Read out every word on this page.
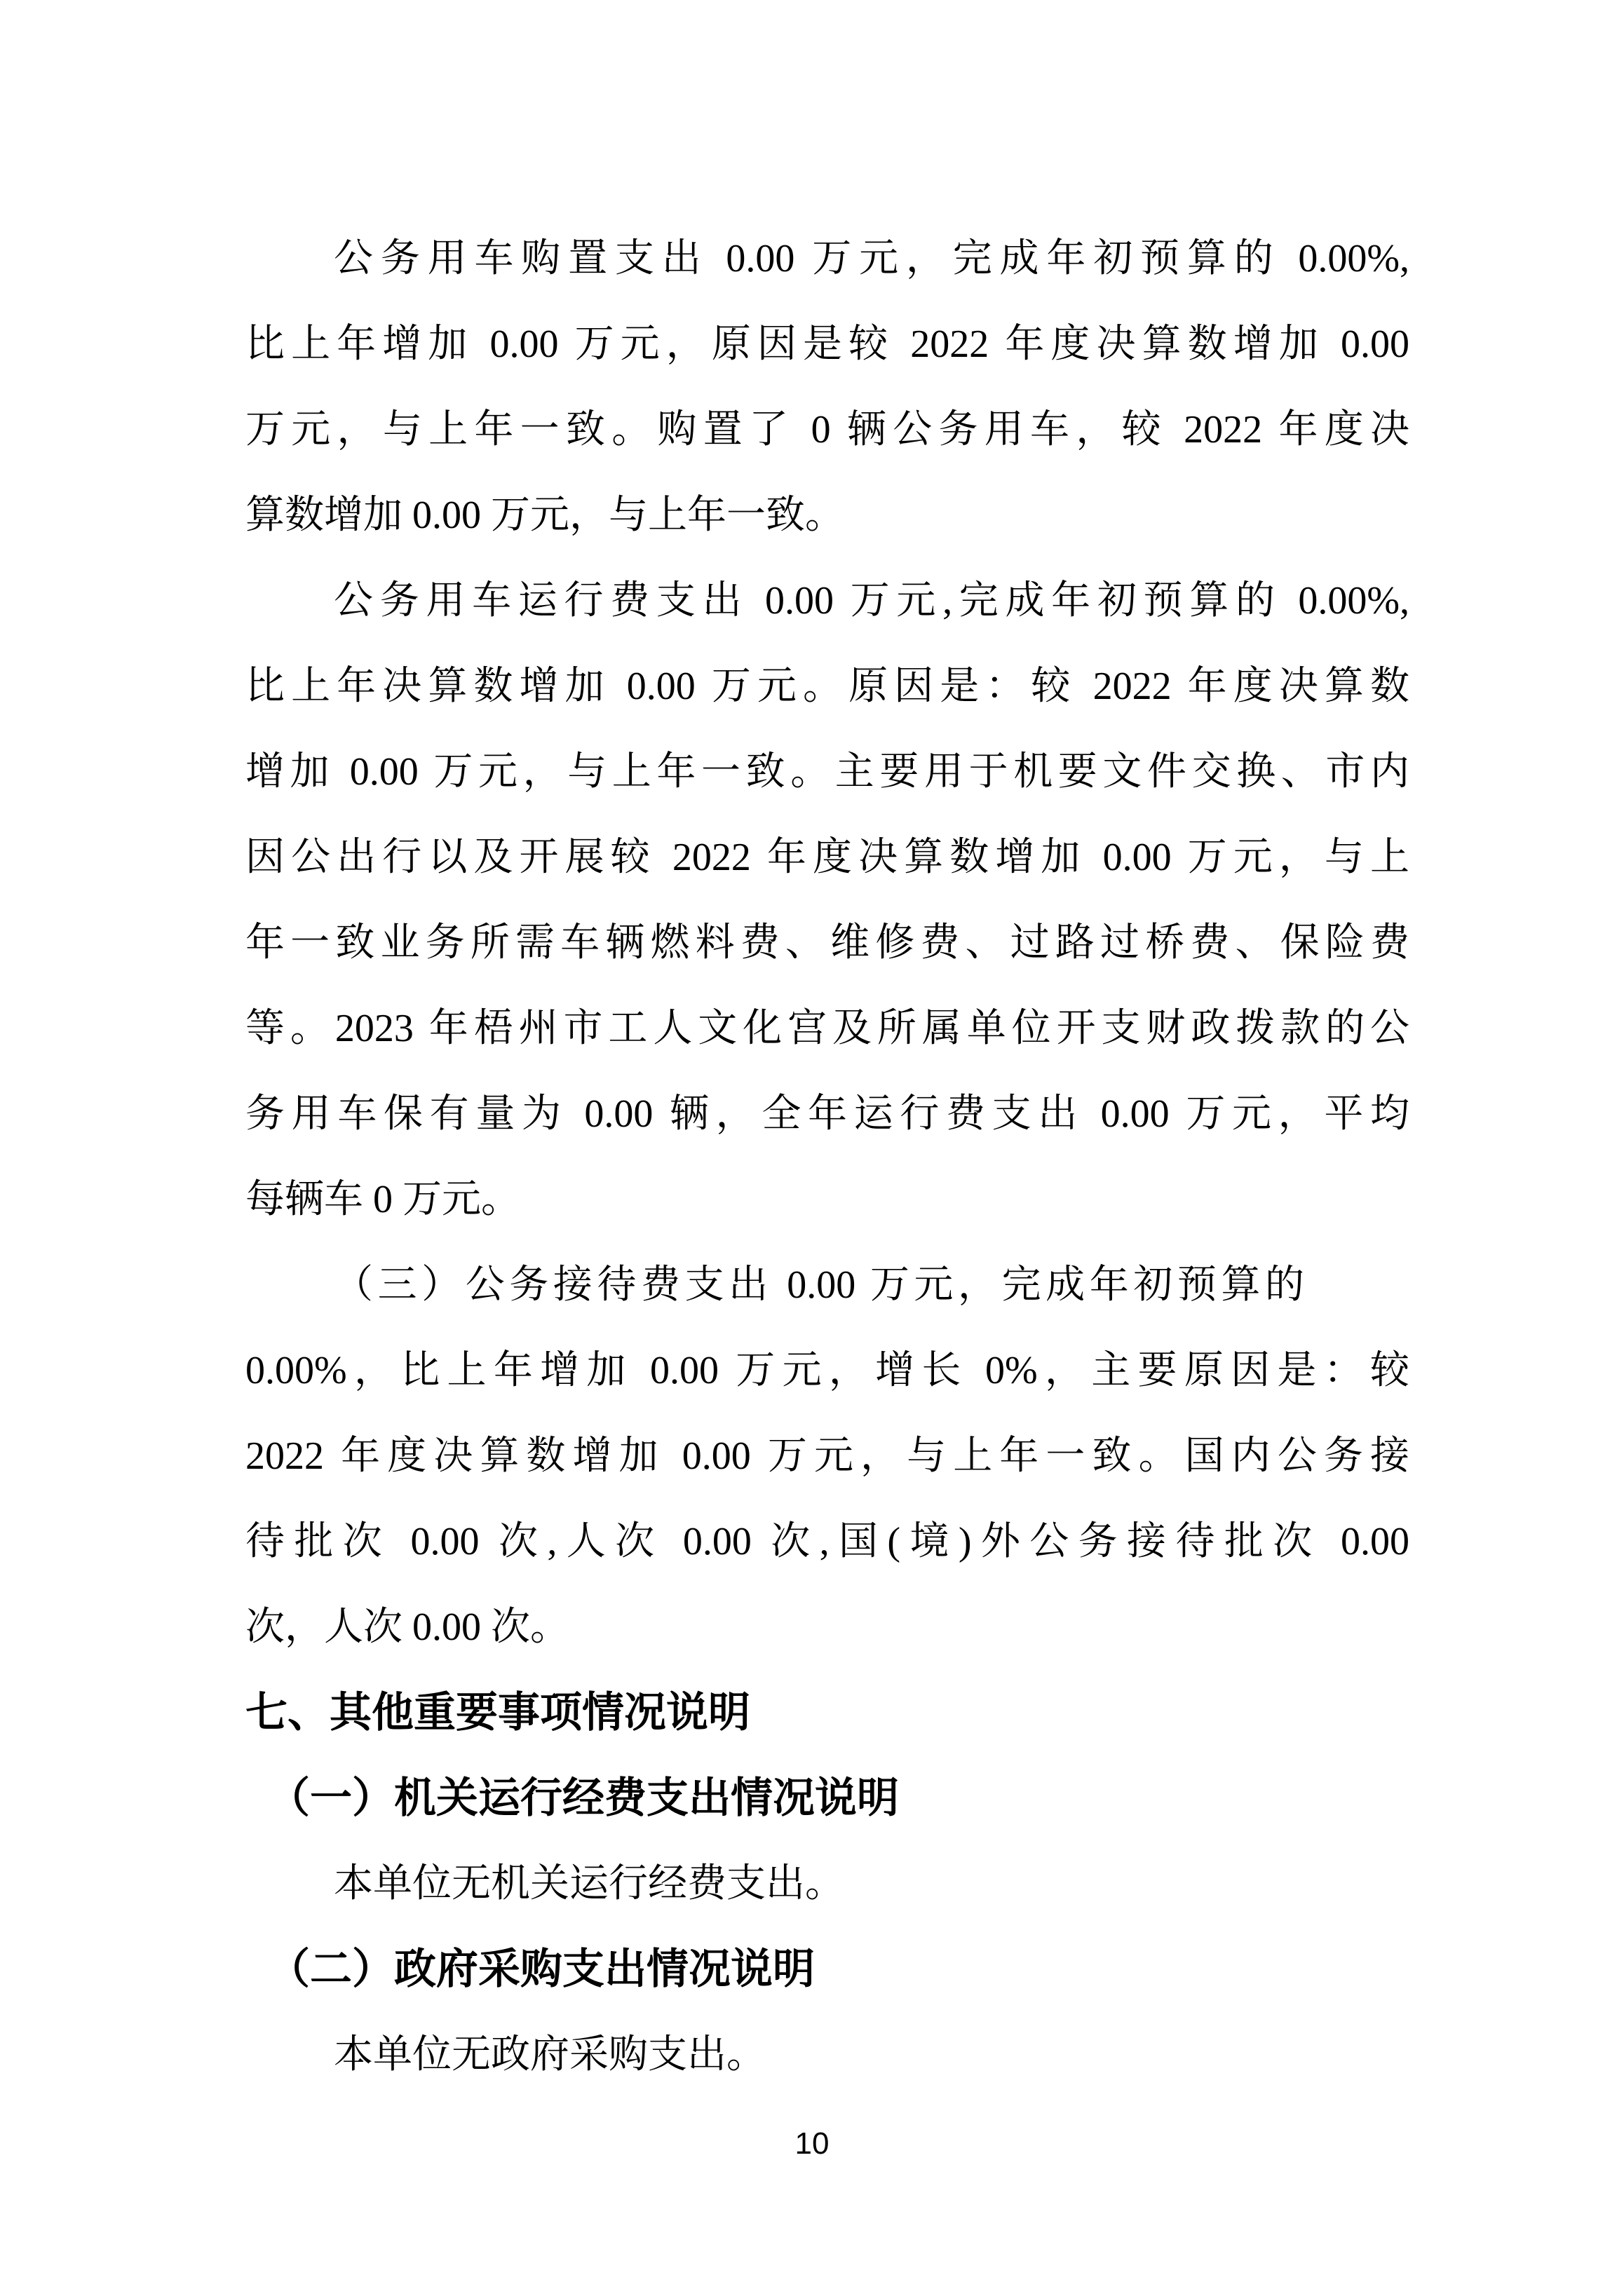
公务用车购置支出 0.00 万元，完成年初预算的 0.00%,
比上年增加 0.00 万元，原因是较 2022 年度决算数增加 0.00
万元，与上年一致。购置了 0 辆公务用车，较 2022 年度决
算数增加 0.00 万元，与上年一致。
公务用车运行费支出 0.00 万元,完成年初预算的 0.00%,
比上年决算数增加 0.00 万元。原因是：较 2022 年度决算数
增加 0.00 万元，与上年一致。主要用于机要文件交换、市内
因公出行以及开展较 2022 年度决算数增加 0.00 万元，与上
年一致业务所需车辆燃料费、维修费、过路过桥费、保险费
等。2023 年梧州市工人文化宫及所属单位开支财政拨款的公
务用车保有量为 0.00 辆，全年运行费支出 0.00 万元，平均
每辆车 0 万元。
（三）公务接待费支出 0.00 万元，完成年初预算的
0.00%，比上年增加 0.00 万元，增长 0%，主要原因是：较
2022 年度决算数增加 0.00 万元，与上年一致。国内公务接
待批次 0.00 次,人次 0.00 次,国(境)外公务接待批次 0.00
次，人次 0.00 次。
七、其他重要事项情况说明
（一）机关运行经费支出情况说明
本单位无机关运行经费支出。
（二）政府采购支出情况说明
本单位无政府采购支出。
10
